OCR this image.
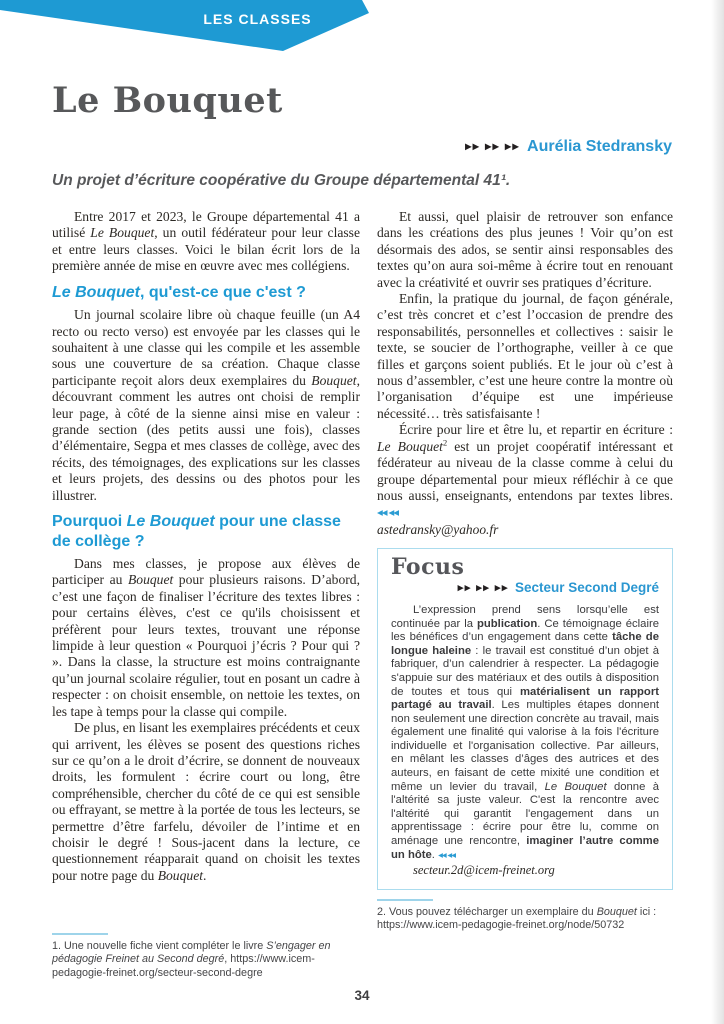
LES CLASSES
Le Bouquet
▸▸ ▸▸ ▸▸ Aurélia Stedransky

Un projet d’écriture coopérative du Groupe départemental 41¹.

Entre 2017 et 2023, le Groupe départemental 41 a utilisé Le Bouquet, un outil fédérateur pour leur classe et entre leurs classes. Voici le bilan écrit lors de la première année de mise en œuvre avec mes collégiens.

Le Bouquet, qu'est-ce que c'est ?

Un journal scolaire libre où chaque feuille (un A4 recto ou recto verso) est envoyée par les classes qui le souhaitent à une classe qui les compile et les assemble sous une couverture de sa création. Chaque classe participante reçoit alors deux exemplaires du Bouquet, découvrant comment les autres ont choisi de remplir leur page, à côté de la sienne ainsi mise en valeur : grande section (des petits aussi une fois), classes d’élémentaire, Segpa et mes classes de collège, avec des récits, des témoignages, des explications sur les classes et leurs projets, des dessins ou des photos pour les illustrer.

Pourquoi Le Bouquet pour une classe de collège ?

Dans mes classes, je propose aux élèves de participer au Bouquet pour plusieurs raisons. D’abord, c’est une façon de finaliser l’écriture des textes libres : pour certains élèves, c'est ce qu'ils choisissent et préfèrent pour leurs textes, trouvant une réponse limpide à leur question « Pourquoi j’écris ? Pour qui ? ». Dans la classe, la structure est moins contraignante qu’un journal scolaire régulier, tout en posant un cadre à respecter : on choisit ensemble, on nettoie les textes, on les tape à temps pour la classe qui compile.

De plus, en lisant les exemplaires précédents et ceux qui arrivent, les élèves se posent des questions riches sur ce qu’on a le droit d’écrire, se donnent de nouveaux droits, les formulent : écrire court ou long, être compréhensible, chercher du côté de ce qui est sensible ou effrayant, se mettre à la portée de tous les lecteurs, se permettre d’être farfelu, dévoiler de l’intime et en choisir le degré ! Sous-jacent dans la lecture, ce questionnement réapparait quand on choisit les textes pour notre page du Bouquet.

Et aussi, quel plaisir de retrouver son enfance dans les créations des plus jeunes ! Voir qu’on est désormais des ados, se sentir ainsi responsables des textes qu’on aura soi-même à écrire tout en renouant avec la créativité et ouvrir ses pratiques d’écriture.

Enfin, la pratique du journal, de façon générale, c’est très concret et c’est l’occasion de prendre des responsabilités, personnelles et collectives : saisir le texte, se soucier de l’orthographe, veiller à ce que filles et garçons soient publiés. Et le jour où c’est à nous d’assembler, c’est une heure contre la montre où l’organisation d’équipe est une impérieuse nécessité… très satisfaisante !

Écrire pour lire et être lu, et repartir en écriture : Le Bouquet$^2$ est un projet coopératif intéressant et fédérateur au niveau de la classe comme à celui du groupe départemental pour mieux réfléchir à ce que nous aussi, enseignants, entendons par textes libres. ◂◂ ◂◂

astedransky@yahoo.fr

Focus
▸▸ ▸▸ ▸▸ Secteur Second Degré

L’expression prend sens lorsqu’elle est continuée par la publication. Ce témoignage éclaire les bénéfices d’un engagement dans cette tâche de longue haleine : le travail est constitué d’un objet à fabriquer, d’un calendrier à respecter. La pédagogie s'appuie sur des matériaux et des outils à disposition de toutes et tous qui matérialisent un rapport partagé au travail. Les multiples étapes donnent non seulement une direction concrète au travail, mais également une finalité qui valorise à la fois l'écriture individuelle et l'organisation collective. Par ailleurs, en mêlant les classes d’âges des autrices et des auteurs, en faisant de cette mixité une condition et même un levier du travail, Le Bouquet donne à l'altérité sa juste valeur. C'est la rencontre avec l'altérité qui garantit l'engagement dans un apprentissage : écrire pour être lu, comme on aménage une rencontre, imaginer l’autre comme un hôte. ◂◂ ◂◂

secteur.2d@icem-freinet.org

2. Vous pouvez télécharger un exemplaire du Bouquet ici : https://www.icem-pedagogie-freinet.org/node/50732

1. Une nouvelle fiche vient compléter le livre S’engager en pédagogie Freinet au Second degré, https://www.icem-pedagogie-freinet.org/secteur-second-degre

34
